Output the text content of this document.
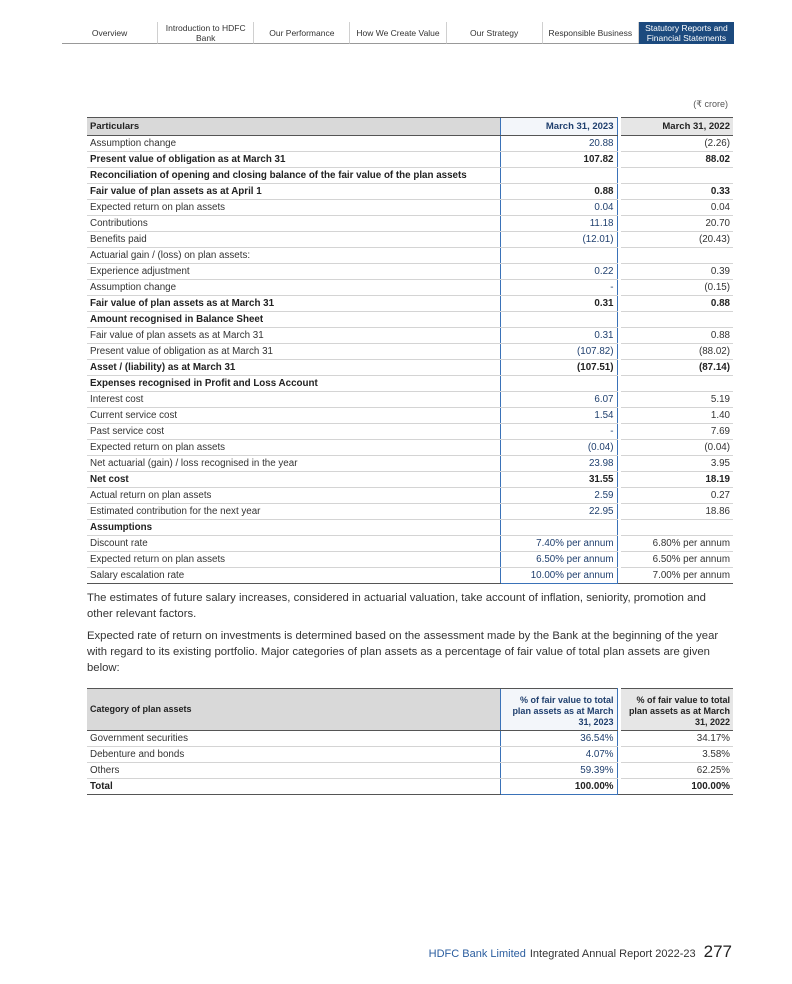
Overview	Introduction to HDFC Bank	Our Performance	How We Create Value	Our Strategy	Responsible Business	Statutory Reports and Financial Statements
(₹ crore)
Particulars	March 31, 2023		March 31, 2022
Assumption change	20.88		(2.26)
Present value of obligation as at March 31	107.82		88.02
Reconciliation of opening and closing balance of the fair value of the plan assets			
Fair value of plan assets as at April 1	0.88		0.33
Expected return on plan assets	0.04		0.04
Contributions	11.18		20.70
Benefits paid	(12.01)		(20.43)
Actuarial gain / (loss) on plan assets:			
Experience adjustment	0.22		0.39
Assumption change	-		(0.15)
Fair value of plan assets as at March 31	0.31		0.88
Amount recognised in Balance Sheet			
Fair value of plan assets as at March 31	0.31		0.88
Present value of obligation as at March 31	(107.82)		(88.02)
Asset / (liability) as at March 31	(107.51)		(87.14)
Expenses recognised in Profit and Loss Account			
Interest cost	6.07		5.19
Current service cost	1.54		1.40
Past service cost	-		7.69
Expected return on plan assets	(0.04)		(0.04)
Net actuarial (gain) / loss recognised in the year	23.98		3.95
Net cost	31.55		18.19
Actual return on plan assets	2.59		0.27
Estimated contribution for the next year	22.95		18.86
Assumptions			
Discount rate	7.40% per annum		6.80% per annum
Expected return on plan assets	6.50% per annum		6.50% per annum
Salary escalation rate	10.00% per annum		7.00% per annum

The estimates of future salary increases, considered in actuarial valuation, take account of inflation, seniority, promotion and other relevant factors.

Expected rate of return on investments is determined based on the assessment made by the Bank at the beginning of the year with regard to its existing portfolio. Major categories of plan assets as a percentage of fair value of total plan assets are given below:

Category of plan assets	% of fair value to total plan assets as at March 31, 2023		% of fair value to total plan assets as at March 31, 2022
Government securities	36.54%		34.17%
Debenture and bonds	4.07%		3.58%
Others	59.39%		62.25%
Total	100.00%		100.00%
HDFC Bank Limited Integrated Annual Report 2022-23 277
